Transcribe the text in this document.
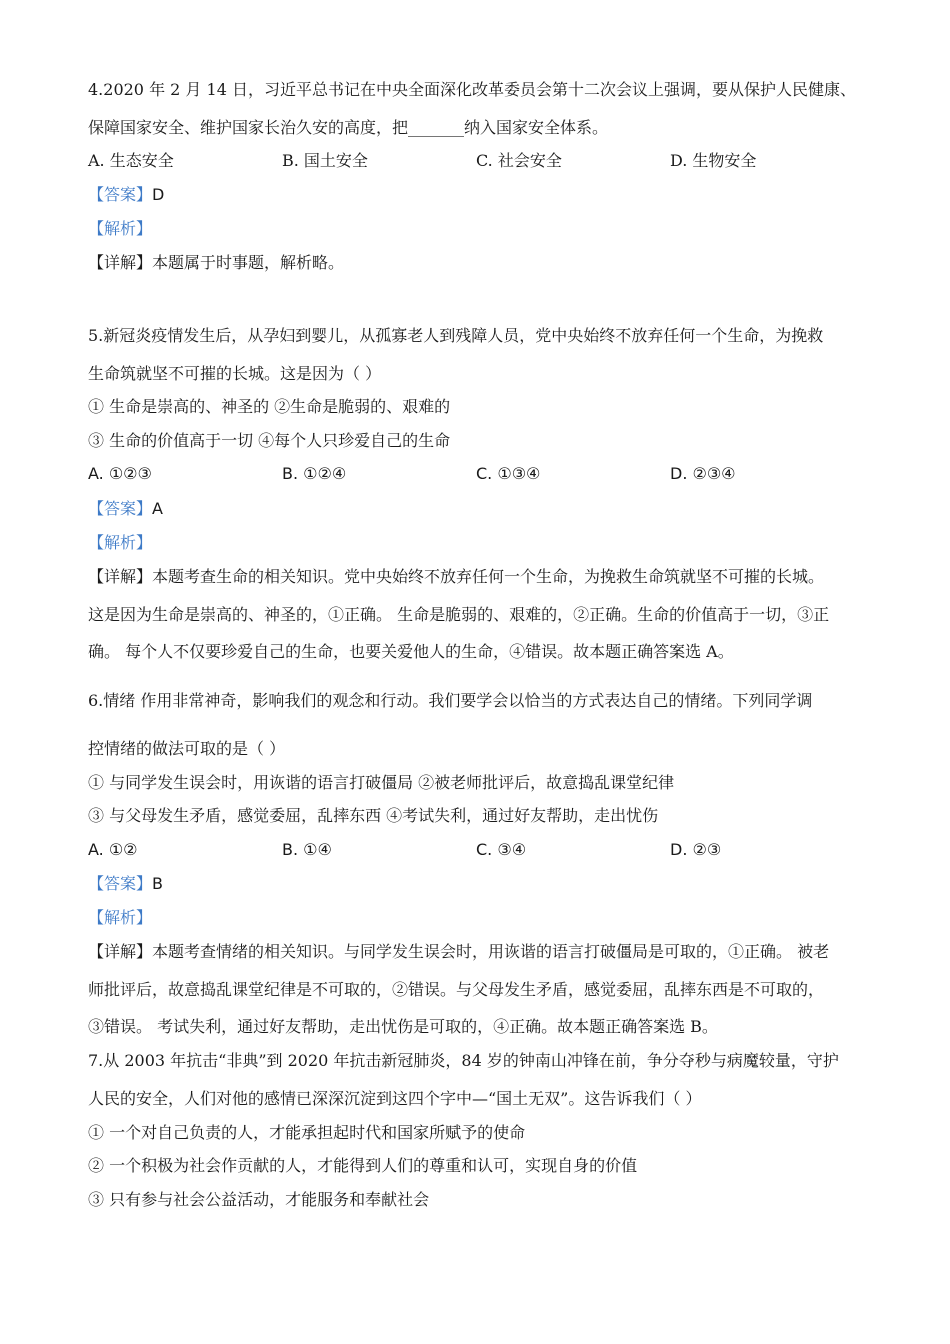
4.2020 年 2 月 14 日，习近平总书记在中央全面深化改革委员会第十二次会议上强调，要从保护人民健康、
保障国家安全、维护国家长治久安的高度，把_______纳入国家安全体系。
A. 生态安全	B. 国土安全	C. 社会安全	D. 生物安全
【答案】D
【解析】
【详解】本题属于时事题，解析略。
5.新冠炎疫情发生后，从孕妇到婴儿，从孤寡老人到残障人员，党中央始终不放弃任何一个生命，为挽救
生命筑就坚不可摧的长城。这是因为（ ）
① 生命是崇高的、神圣的 ②生命是脆弱的、艰难的
③ 生命的价值高于一切 ④每个人只珍爱自己的生命
A. ①②③	B. ①②④	C. ①③④	D. ②③④
【答案】A
【解析】
【详解】本题考查生命的相关知识。党中央始终不放弃任何一个生命，为挽救生命筑就坚不可摧的长城。
这是因为生命是崇高的、神圣的，①正确。 生命是脆弱的、艰难的，②正确。生命的价值高于一切，③正
确。 每个人不仅要珍爱自己的生命，也要关爱他人的生命，④错误。故本题正确答案选 A。
6.情绪 作用非常神奇，影响我们的观念和行动。我们要学会以恰当的方式表达自己的情绪。下列同学调
控情绪的做法可取的是（ ）
① 与同学发生误会时，用诙谐的语言打破僵局 ②被老师批评后，故意捣乱课堂纪律
③ 与父母发生矛盾，感觉委屈，乱摔东西 ④考试失利，通过好友帮助，走出忧伤
A. ①②	B. ①④	C. ③④	D. ②③
【答案】B
【解析】
【详解】本题考查情绪的相关知识。与同学发生误会时，用诙谐的语言打破僵局是可取的，①正确。 被老
师批评后，故意捣乱课堂纪律是不可取的，②错误。与父母发生矛盾，感觉委屈，乱摔东西是不可取的，
③错误。 考试失利，通过好友帮助，走出忧伤是可取的，④正确。故本题正确答案选 B。
7.从 2003 年抗击“非典”到 2020 年抗击新冠肺炎，84 岁的钟南山冲锋在前，争分夺秒与病魔较量，守护
人民的安全，人们对他的感情已深深沉淀到这四个字中—“国土无双”。这告诉我们（ ）
① 一个对自己负责的人，才能承担起时代和国家所赋予的使命
② 一个积极为社会作贡献的人，才能得到人们的尊重和认可，实现自身的价值
③ 只有参与社会公益活动，才能服务和奉献社会
